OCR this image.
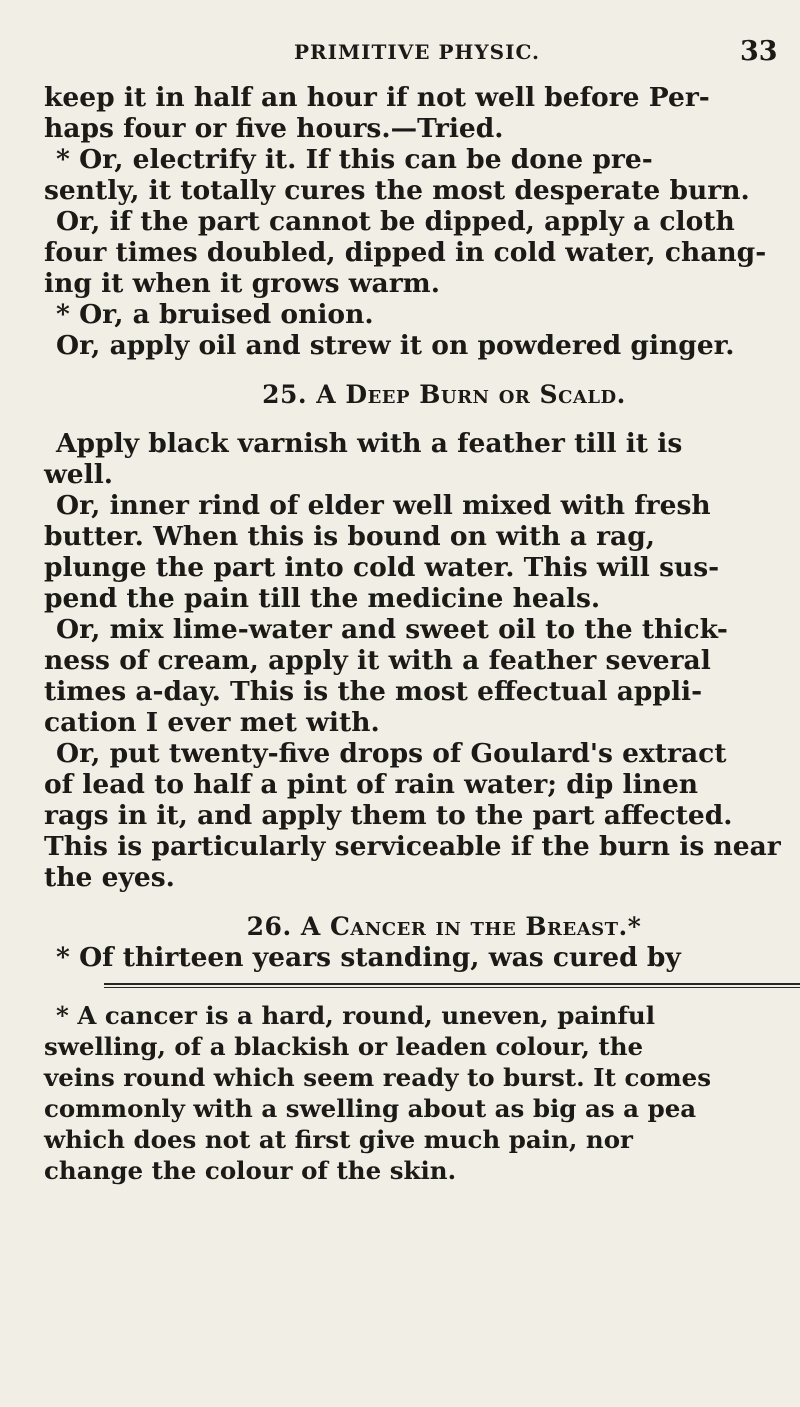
PRIMITIVE PHYSIC.	33
keep it in half an hour if not well before Per-
haps four or five hours.—Tried.
* Or, electrify it. If this can be done pre-
sently, it totally cures the most desperate burn.
Or, if the part cannot be dipped, apply a cloth
four times doubled, dipped in cold water, chang-
ing it when it grows warm.
* Or, a bruised onion.
Or, apply oil and strew it on powdered ginger.
25. A Deep Burn or Scald.
Apply black varnish with a feather till it is
well.
Or, inner rind of elder well mixed with fresh
butter. When this is bound on with a rag,
plunge the part into cold water. This will sus-
pend the pain till the medicine heals.
Or, mix lime-water and sweet oil to the thick-
ness of cream, apply it with a feather several
times a-day. This is the most effectual appli-
cation I ever met with.
Or, put twenty-five drops of Goulard's extract
of lead to half a pint of rain water; dip linen
rags in it, and apply them to the part affected.
This is particularly serviceable if the burn is near
the eyes.
26. A Cancer in the Breast.*
* Of thirteen years standing, was cured by
* A cancer is a hard, round, uneven, painful
swelling, of a blackish or leaden colour, the
veins round which seem ready to burst. It comes
commonly with a swelling about as big as a pea
which does not at first give much pain, nor
change the colour of the skin.
